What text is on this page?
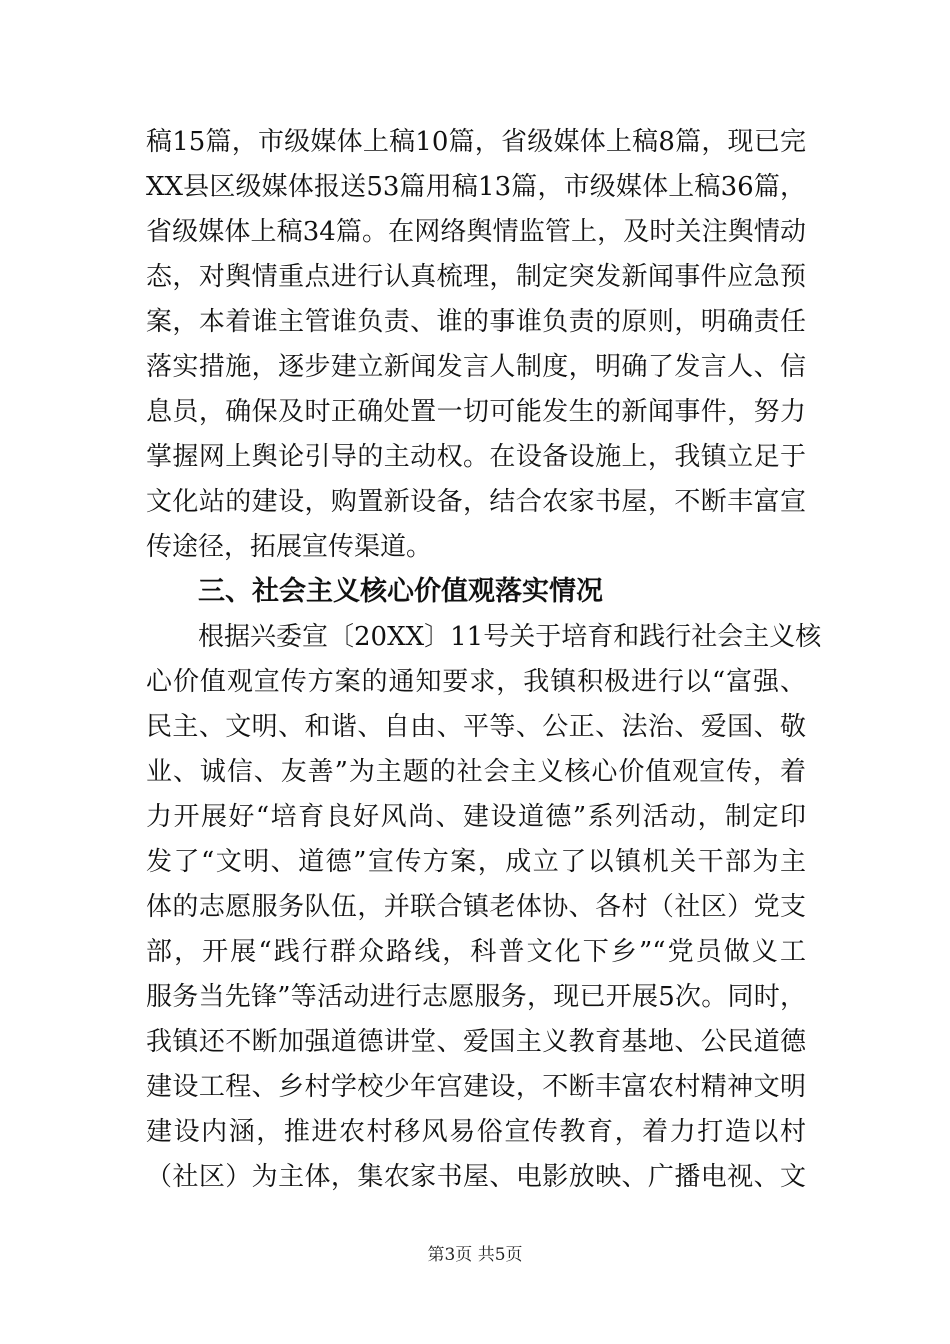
稿15篇，市级媒体上稿10篇，省级媒体上稿8篇，现已完
XX县区级媒体报送53篇用稿13篇，市级媒体上稿36篇，
省级媒体上稿34篇。在网络舆情监管上，及时关注舆情动
态，对舆情重点进行认真梳理，制定突发新闻事件应急预
案，本着谁主管谁负责、谁的事谁负责的原则，明确责任
落实措施，逐步建立新闻发言人制度，明确了发言人、信
息员，确保及时正确处置一切可能发生的新闻事件，努力
掌握网上舆论引导的主动权。在设备设施上，我镇立足于
文化站的建设，购置新设备，结合农家书屋，不断丰富宣
传途径，拓展宣传渠道。
三、社会主义核心价值观落实情况
根据兴委宣〔20XX〕11号关于培育和践行社会主义核
心价值观宣传方案的通知要求，我镇积极进行以“富强、
民主、文明、和谐、自由、平等、公正、法治、爱国、敬
业、诚信、友善”为主题的社会主义核心价值观宣传，着
力开展好“培育良好风尚、建设道德”系列活动，制定印
发了“文明、道德”宣传方案，成立了以镇机关干部为主
体的志愿服务队伍，并联合镇老体协、各村（社区）党支
部，开展“践行群众路线，科普文化下乡”“党员做义工
服务当先锋”等活动进行志愿服务，现已开展5次。同时，
我镇还不断加强道德讲堂、爱国主义教育基地、公民道德
建设工程、乡村学校少年宫建设，不断丰富农村精神文明
建设内涵，推进农村移风易俗宣传教育，着力打造以村
（社区）为主体，集农家书屋、电影放映、广播电视、文
第3页 共5页
